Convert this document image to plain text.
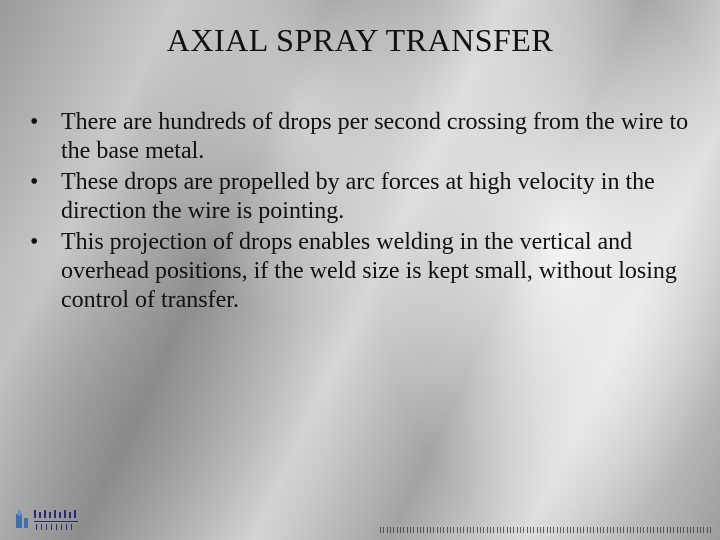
AXIAL SPRAY TRANSFER
• There are hundreds of drops per second crossing from the wire to the base metal.
• These drops are propelled by arc forces at high velocity in the direction the wire is pointing.
• This projection of drops enables welding in the vertical and overhead positions, if the weld size is kept small, without losing control of transfer.
